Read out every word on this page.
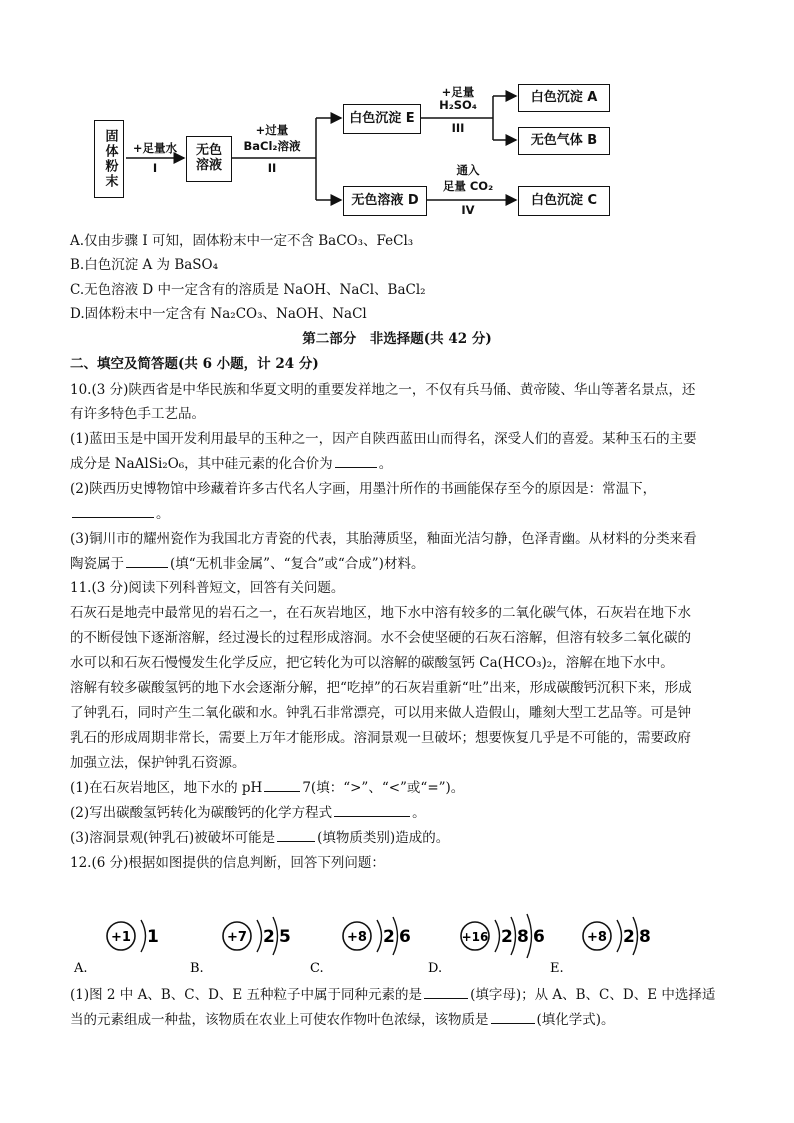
固体粉末	+足量水
I
无色溶液
+过量
BaCl₂溶液
II
白色沉淀 E
无色溶液 D
+足量
H₂SO₄
III
白色沉淀 A
无色气体 B
通入
足量 CO₂
IV
白色沉淀 C
A.仅由步骤 I 可知，固体粉末中一定不含 BaCO₃、FeCl₃
B.白色沉淀 A 为 BaSO₄
C.无色溶液 D 中一定含有的溶质是 NaOH、NaCl、BaCl₂
D.固体粉末中一定含有 Na₂CO₃、NaOH、NaCl
第二部分　非选择题(共 42 分)
二、填空及简答题(共 6 小题，计 24 分)
10.(3 分)陕西省是中华民族和华夏文明的重要发祥地之一，不仅有兵马俑、黄帝陵、华山等著名景点，还
有许多特色手工艺品。
(1)蓝田玉是中国开发利用最早的玉种之一，因产自陕西蓝田山而得名，深受人们的喜爱。某种玉石的主要
成分是 NaAlSi₂O₆，其中硅元素的化合价为	。
(2)陕西历史博物馆中珍藏着许多古代名人字画，用墨汁所作的书画能保存至今的原因是：常温下，
。
(3)铜川市的耀州瓷作为我国北方青瓷的代表，其胎薄质坚，釉面光洁匀静，色泽青幽。从材料的分类来看
陶瓷属于	(填“无机非金属”、“复合”或“合成”)材料。
11.(3 分)阅读下列科普短文，回答有关问题。
石灰石是地壳中最常见的岩石之一，在石灰岩地区，地下水中溶有较多的二氧化碳气体，石灰岩在地下水
的不断侵蚀下逐渐溶解，经过漫长的过程形成溶洞。水不会使坚硬的石灰石溶解，但溶有较多二氧化碳的
水可以和石灰石慢慢发生化学反应，把它转化为可以溶解的碳酸氢钙 Ca(HCO₃)₂，溶解在地下水中。
溶解有较多碳酸氢钙的地下水会逐渐分解，把“吃掉”的石灰岩重新“吐”出来，形成碳酸钙沉积下来，形成
了钟乳石，同时产生二氧化碳和水。钟乳石非常漂亮，可以用来做人造假山，雕刻大型工艺品等。可是钟
乳石的形成周期非常长，需要上万年才能形成。溶洞景观一旦破坏；想要恢复几乎是不可能的，需要政府
加强立法，保护钟乳石资源。
(1)在石灰岩地区，地下水的 pH	7(填：“>”、“<”或“=”)。
(2)写出碳酸氢钙转化为碳酸钙的化学方程式	。
(3)溶洞景观(钟乳石)被破坏可能是	(填物质类别)造成的。
12.(6 分)根据如图提供的信息判断，回答下列问题：
+1 1
A.
+7 2 5
B.
+8 2 6
C.
+16 2 8 6
D.
+8 2 8
E.
(1)图 2 中 A、B、C、D、E 五种粒子中属于同种元素的是	(填字母)；从 A、B、C、D、E 中选择适
当的元素组成一种盐，该物质在农业上可使农作物叶色浓绿，该物质是	(填化学式)。
